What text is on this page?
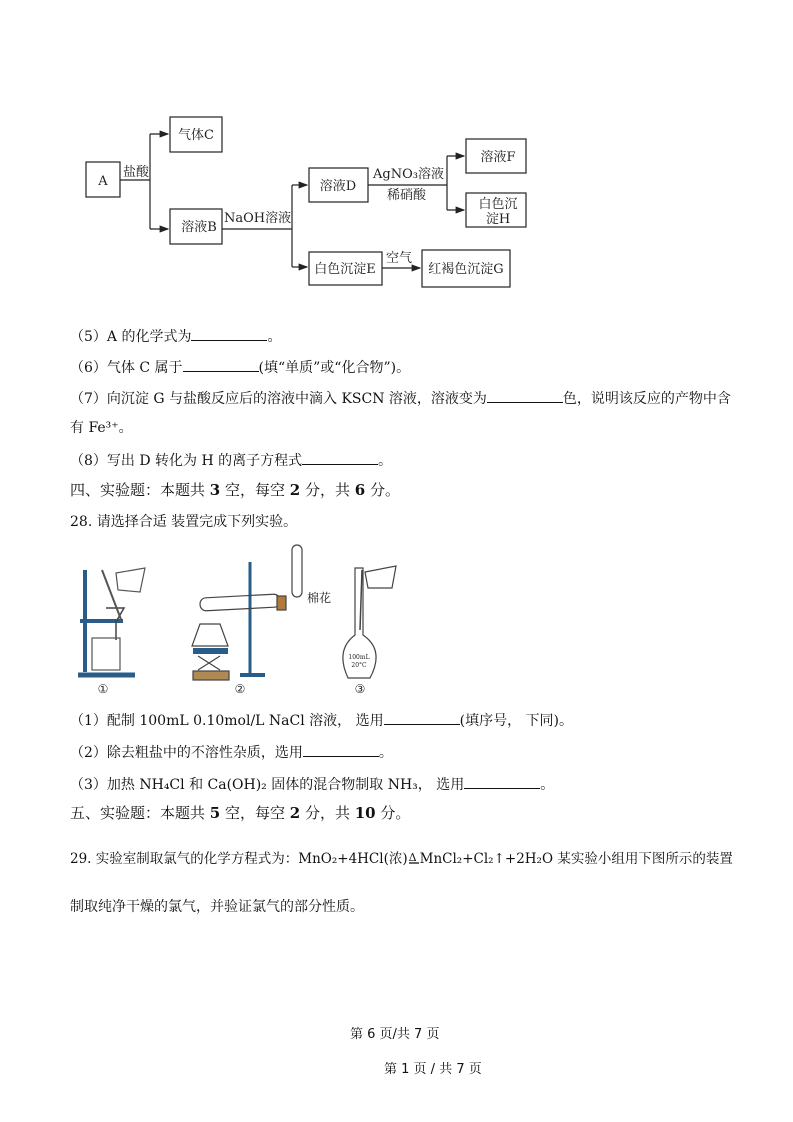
A
气体C
溶液B
溶液D
白色沉淀E
溶液F
白色沉
淀H
红褐色沉淀G
盐酸
NaOH溶液
AgNO₃溶液
稀硝酸
空气
（5）A 的化学式为	。
（6）气体 C 属于	(填“单质”或“化合物”)。
（7）向沉淀 G 与盐酸反应后的溶液中滴入 KSCN 溶液，溶液变为	色，说明该反应的产物中含
有 Fe³⁺。
（8）写出 D 转化为 H 的离子方程式	。
四、实验题：本题共 3 空，每空 2 分，共 6 分。
28. 请选择合适 装置完成下列实验。
①	②	③
棉花
100mL
20°C
（1）配制 100mL 0.10mol/L NaCl 溶液， 选用	(填序号， 下同)。
（2）除去粗盐中的不溶性杂质，选用	。
（3）加热 NH₄Cl 和 Ca(OH)₂ 固体的混合物制取 NH₃， 选用	。
五、实验题：本题共 5 空，每空 2 分，共 10 分。
29. 实验室制取氯气的化学方程式为：MnO₂+4HCl(浓) Δ MnCl₂+Cl₂↑+2H₂O 某实验小组用下图所示的装置
制取纯净干燥的氯气，并验证氯气的部分性质。
第 6 页/共 7 页
第 1 页 / 共 7 页
